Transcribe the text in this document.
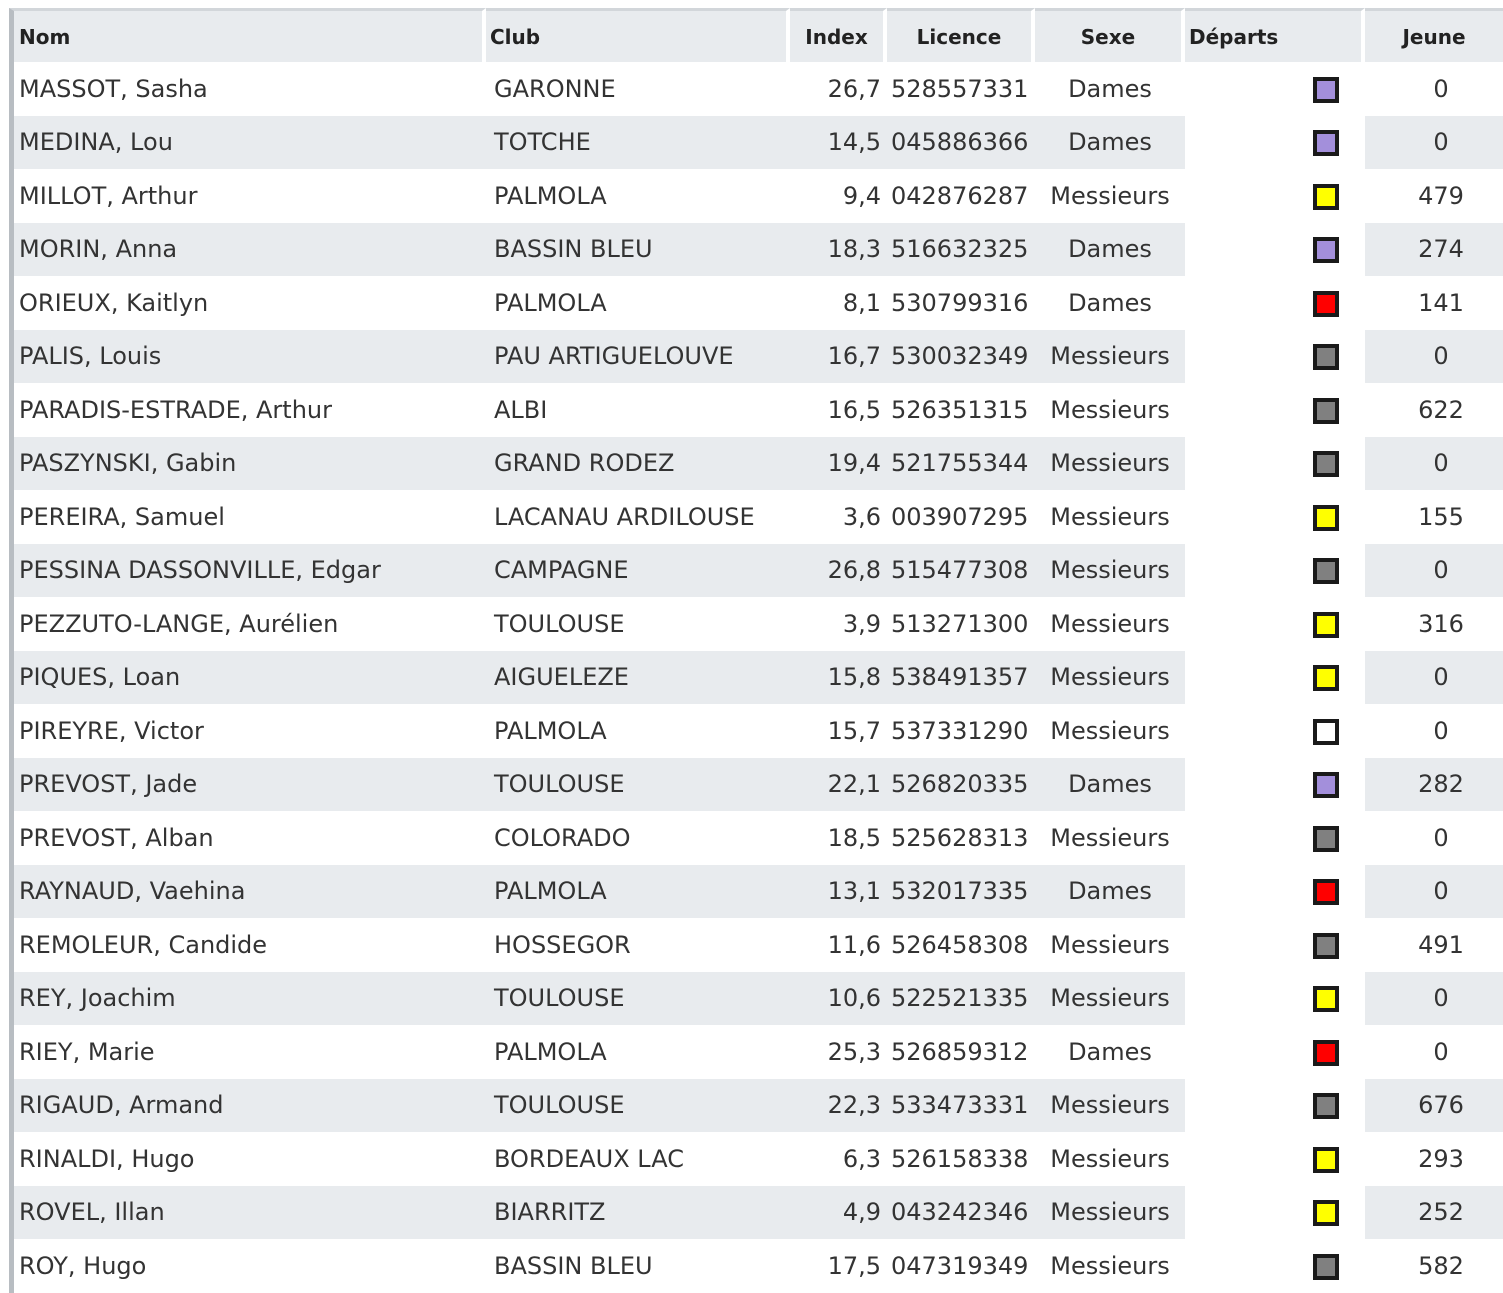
Nom	Club	Index	Licence	Sexe	Départs	Jeune
MASSOT, Sasha	GARONNE	26,7	528557331	Dames		0
MEDINA, Lou	TOTCHE	14,5	045886366	Dames		0
MILLOT, Arthur	PALMOLA	9,4	042876287	Messieurs		479
MORIN, Anna	BASSIN BLEU	18,3	516632325	Dames		274
ORIEUX, Kaitlyn	PALMOLA	8,1	530799316	Dames		141
PALIS, Louis	PAU ARTIGUELOUVE	16,7	530032349	Messieurs		0
PARADIS-ESTRADE, Arthur	ALBI	16,5	526351315	Messieurs		622
PASZYNSKI, Gabin	GRAND RODEZ	19,4	521755344	Messieurs		0
PEREIRA, Samuel	LACANAU ARDILOUSE	3,6	003907295	Messieurs		155
PESSINA DASSONVILLE, Edgar	CAMPAGNE	26,8	515477308	Messieurs		0
PEZZUTO-LANGE, Aurélien	TOULOUSE	3,9	513271300	Messieurs		316
PIQUES, Loan	AIGUELEZE	15,8	538491357	Messieurs		0
PIREYRE, Victor	PALMOLA	15,7	537331290	Messieurs		0
PREVOST, Jade	TOULOUSE	22,1	526820335	Dames		282
PREVOST, Alban	COLORADO	18,5	525628313	Messieurs		0
RAYNAUD, Vaehina	PALMOLA	13,1	532017335	Dames		0
REMOLEUR, Candide	HOSSEGOR	11,6	526458308	Messieurs		491
REY, Joachim	TOULOUSE	10,6	522521335	Messieurs		0
RIEY, Marie	PALMOLA	25,3	526859312	Dames		0
RIGAUD, Armand	TOULOUSE	22,3	533473331	Messieurs		676
RINALDI, Hugo	BORDEAUX LAC	6,3	526158338	Messieurs		293
ROVEL, Illan	BIARRITZ	4,9	043242346	Messieurs		252
ROY, Hugo	BASSIN BLEU	17,5	047319349	Messieurs		582
